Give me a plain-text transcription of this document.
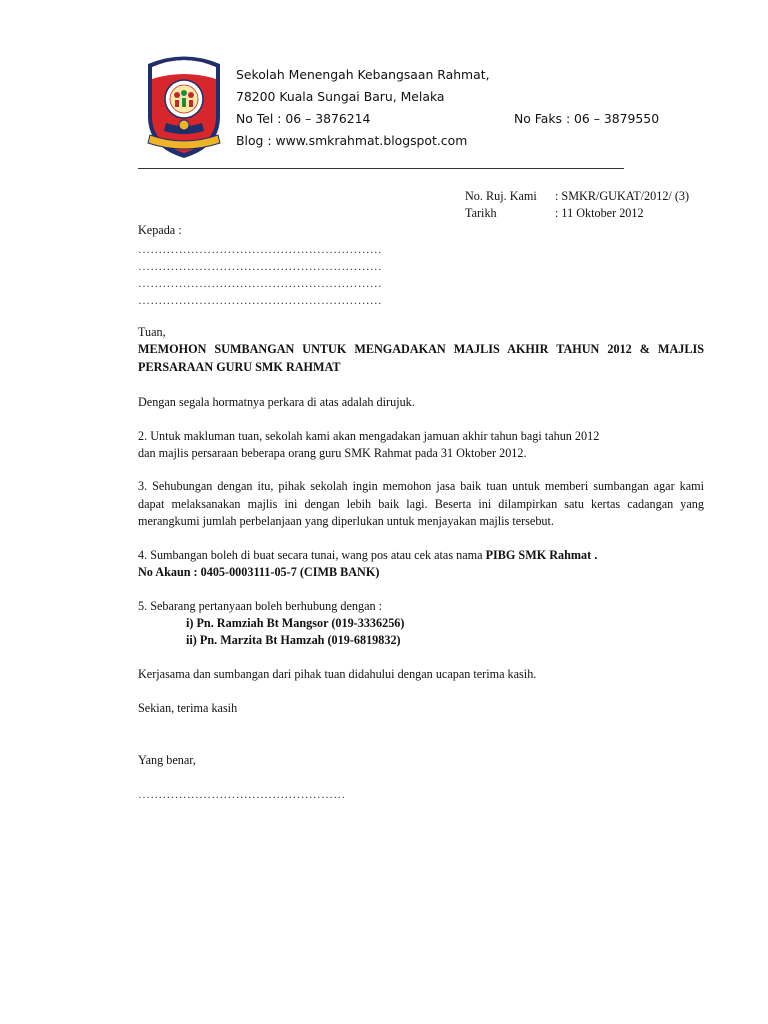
Sekolah Menengah Kebangsaan Rahmat,
78200 Kuala Sungai Baru, Melaka
No Tel : 06 – 3876214	No Faks : 06 – 3879550
Blog : www.smkrahmat.blogspot.com
No. Ruj. Kami : SMKR/GUKAT/2012/ (3)
Tarikh	: 11 Oktober 2012
Kepada :
……………………………………………………
……………………………………………………
……………………………………………………
……………………………………………………
Tuan,
MEMOHON SUMBANGAN UNTUK MENGADAKAN MAJLIS AKHIR TAHUN 2012 & MAJLIS PERSARAAN GURU SMK RAHMAT
Dengan segala hormatnya perkara di atas adalah dirujuk.
2. Untuk makluman tuan, sekolah kami akan mengadakan jamuan akhir tahun bagi tahun 2012
dan majlis persaraan beberapa orang guru SMK Rahmat pada 31 Oktober 2012.
3. Sehubungan dengan itu, pihak sekolah ingin memohon jasa baik tuan untuk memberi sumbangan agar kami dapat melaksanakan majlis ini dengan lebih baik lagi. Beserta ini dilampirkan satu kertas cadangan yang merangkumi jumlah perbelanjaan yang diperlukan untuk menjayakan majlis tersebut.
4. Sumbangan boleh di buat secara tunai, wang pos atau cek atas nama PIBG SMK Rahmat .
No Akaun : 0405-0003111-05-7 (CIMB BANK)
5. Sebarang pertanyaan boleh berhubung dengan :
i) Pn. Ramziah Bt Mangsor (019-3336256)
ii) Pn. Marzita Bt Hamzah (019-6819832)
Kerjasama dan sumbangan dari pihak tuan didahului dengan ucapan terima kasih.
Sekian, terima kasih
Yang benar,
……………………………………………
